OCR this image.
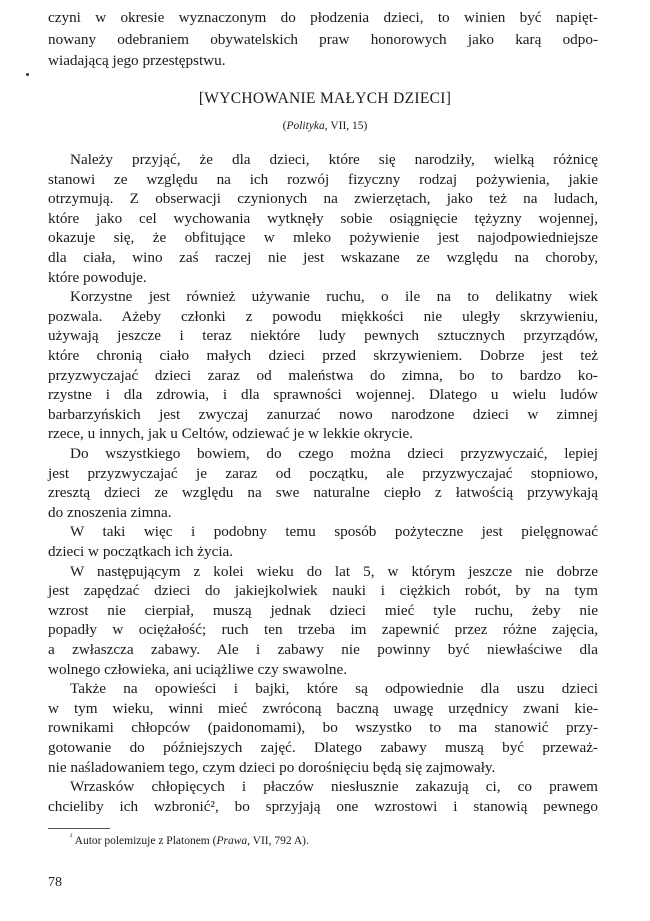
czyni w okresie wyznaczonym do płodzenia dzieci, to winien być napięt-
nowany odebraniem obywatelskich praw honorowych jako karą odpo-
wiadającą jego przestępstwu.
[WYCHOWANIE MAŁYCH DZIECI]
(Polityka, VII, 15)
Należy przyjąć, że dla dzieci, które się narodziły, wielką różnicę
stanowi ze względu na ich rozwój fizyczny rodzaj pożywienia, jakie
otrzymują. Z obserwacji czynionych na zwierzętach, jako też na ludach,
które jako cel wychowania wytknęły sobie osiągnięcie tężyzny wojennej,
okazuje się, że obfitujące w mleko pożywienie jest najodpowiedniejsze
dla ciała, wino zaś raczej nie jest wskazane ze względu na choroby,
które powoduje.
Korzystne jest również używanie ruchu, o ile na to delikatny wiek
pozwala. Ażeby członki z powodu miękkości nie uległy skrzywieniu,
używają jeszcze i teraz niektóre ludy pewnych sztucznych przyrządów,
które chronią ciało małych dzieci przed skrzywieniem. Dobrze jest też
przyzwyczajać dzieci zaraz od maleństwa do zimna, bo to bardzo ko-
rzystne i dla zdrowia, i dla sprawności wojennej. Dlatego u wielu ludów
barbarzyńskich jest zwyczaj zanurzać nowo narodzone dzieci w zimnej
rzece, u innych, jak u Celtów, odziewać je w lekkie okrycie.
Do wszystkiego bowiem, do czego można dzieci przyzwyczaić, lepiej
jest przyzwyczajać je zaraz od początku, ale przyzwyczajać stopniowo,
zresztą dzieci ze względu na swe naturalne ciepło z łatwością przywykają
do znoszenia zimna.
W taki więc i podobny temu sposób pożyteczne jest pielęgnować
dzieci w początkach ich życia.
W następującym z kolei wieku do lat 5, w którym jeszcze nie dobrze
jest zapędzać dzieci do jakiejkolwiek nauki i ciężkich robót, by na tym
wzrost nie cierpiał, muszą jednak dzieci mieć tyle ruchu, żeby nie
popadły w ociężałość; ruch ten trzeba im zapewnić przez różne zajęcia,
a zwłaszcza zabawy. Ale i zabawy nie powinny być niewłaściwe dla
wolnego człowieka, ani uciążliwe czy swawolne.
Także na opowieści i bajki, które są odpowiednie dla uszu dzieci
w tym wieku, winni mieć zwróconą baczną uwagę urzędnicy zwani kie-
rownikami chłopców (paidonomami), bo wszystko to ma stanowić przy-
gotowanie do późniejszych zajęć. Dlatego zabawy muszą być przeważ-
nie naśladowaniem tego, czym dzieci po dorośnięciu będą się zajmowały.
Wrzasków chłopięcych i płaczów niesłusznie zakazują ci, co prawem
chcieliby ich wzbronić², bo sprzyjają one wzrostowi i stanowią pewnego
$^{^2}$ Autor polemizuje z Platonem (Prawa, VII, 792 A).
78
